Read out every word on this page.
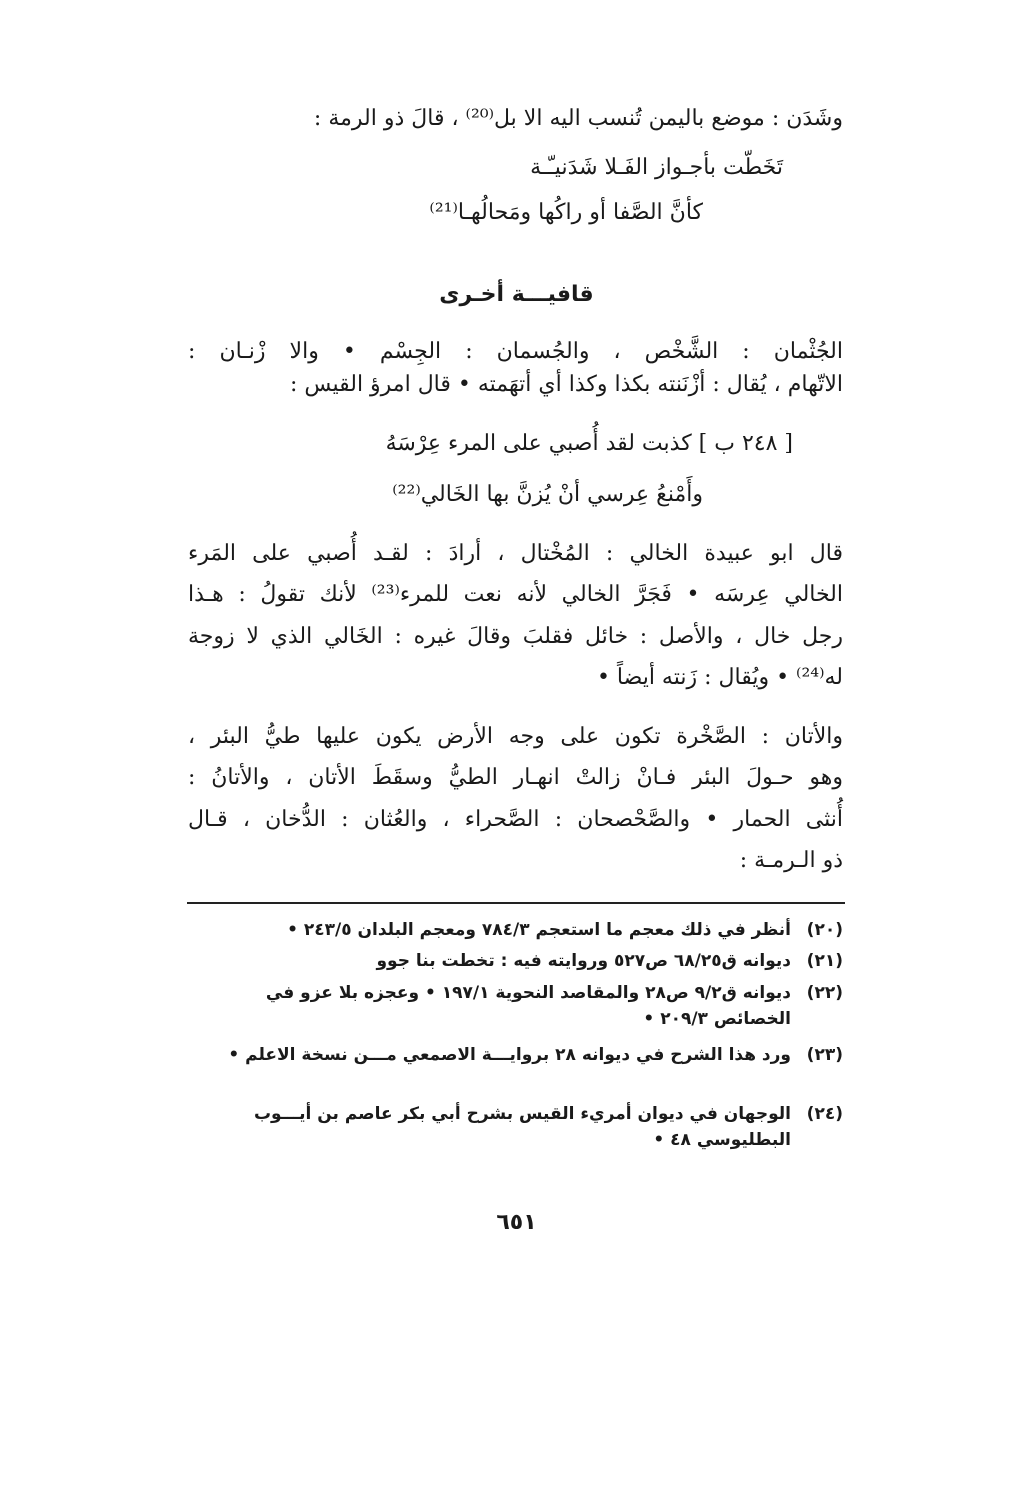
وشَدَن : موضع باليمن تُنسب اليه الا بل⁽²⁰⁾ ، قالَ ذو الرمة :
تَخَطّت بأجـواز الفَـلا شَدَنيـّـة
كأنَّ الصَّفا أو راكُها ومَحالُهـا⁽²¹⁾
قافيـــة أخـرى
الجُثْمان : الشَّخْص ، والجُسمان : الجِسْم • والا زْنـان :
الاتّهام ، يُقال : أزْنَنته بكذا وكذا أي أتهَمته • قال امرؤ القيس :
[ ٢٤٨ ب ] كذبت لقد أُصبي على المرء عِرْسَهُ
وأَمْنعُ عِرسي أنْ يُزنَّ بها الخَالي⁽²²⁾
قال ابو عبيدة الخالي : المُخْتال ، أرادَ : لقـد أُصبي على المَرء
الخالي عِرسَه • فَجَرَّ الخالي لأنه نعت للمرء⁽²³⁾ لأنك تقولُ : هـذا
رجل خال ، والأصل : خائل فقلبَ وقالَ غيره : الخَالي الذي لا زوجة
له⁽²⁴⁾ • ويُقال : زَنته أيضاً •
والأتان : الصَّخْرة تكون على وجه الأرض يكون عليها طيُّ البئر ،
وهو حـولَ البئر فـانْ زالتْ انهـار الطيُّ وسقَطَ الأتان ، والأتانُ :
أُنثى الحمار • والصَّحْصحان : الصَّحراء ، والعُثان : الدُّخان ، قـال
ذو الـرمـة :
(٢٠)
أنظر في ذلك معجم ما استعجم ٧٨٤/٣ ومعجم البلدان ٢٤٣/٥ •
(٢١)
ديوانه ق٦٨/٢٥ ص٥٢٧ وروايته فيه : تخطت بنا جوو
(٢٢)
ديوانه ق٩/٢ ص٢٨ والمقاصد النحوية ١٩٧/١ • وعجزه بلا عزو في الخصائص ٢٠٩/٣ •
(٢٣)
ورد هذا الشرح في ديوانه ٢٨ بروايـــة الاصمعي مـــن نسخة الاعلم •
(٢٤)
الوجهان في ديوان أمريء القيس بشرح أبي بكر عاصم بن أيـــوب البطليوسي ٤٨ •
٦٥١
